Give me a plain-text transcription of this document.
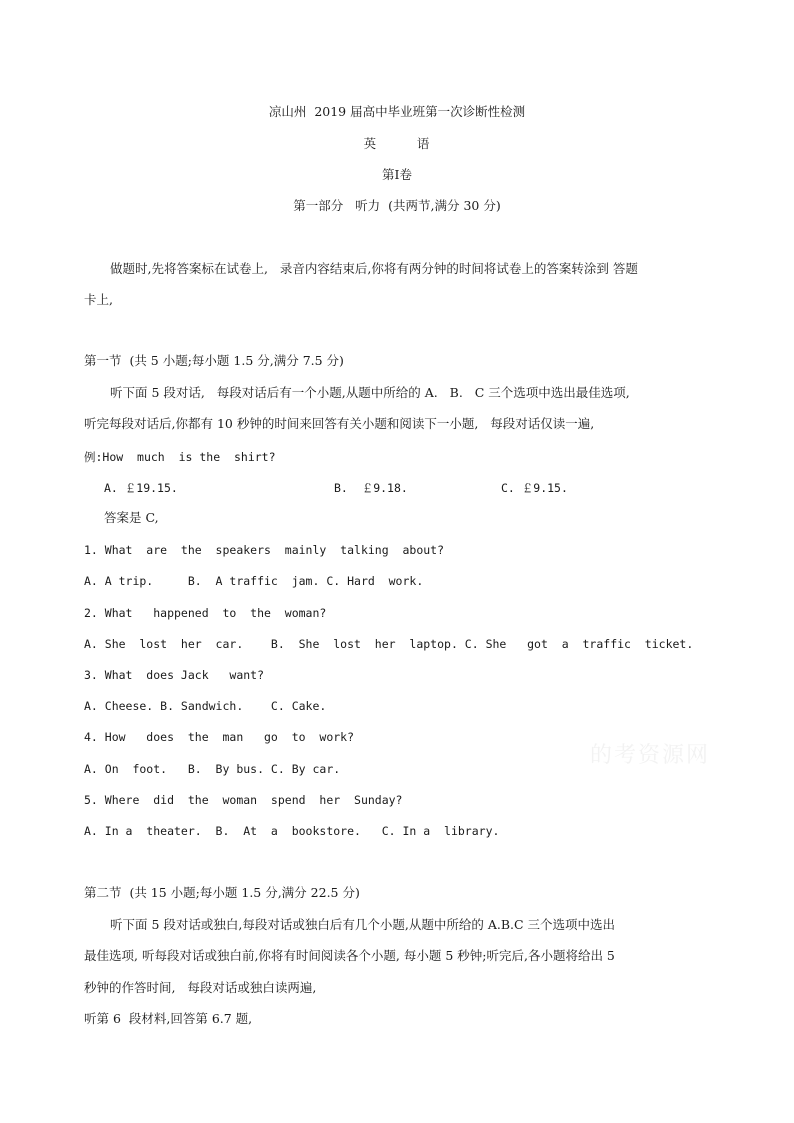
凉山州  2019 届高中毕业班第一次诊断性检测
英        语
第Ⅰ卷
第一部分   听力  (共两节,满分 30 分)
做题时,先将答案标在试卷上,   录音内容结束后,你将有两分钟的时间将试卷上的答案转涂到 答题
卡上,
第一节  (共 5 小题;每小题 1.5 分,满分 7.5 分)
听下面 5 段对话,   每段对话后有一个小题,从题中所给的 A.   B.   C 三个选项中选出最佳选项,
听完每段对话后,你都有 10 秒钟的时间来回答有关小题和阅读下一小题,   每段对话仅读一遍,
例:How  much  is the  shirt?
A. ￡19.15.	B.  ￡9.18.	C. ￡9.15.
答案是 C,
1. What  are  the  speakers  mainly  talking  about?
A. A trip.     B.  A traffic  jam. C. Hard  work.
2. What   happened  to  the  woman?
A. She  lost  her  car.    B.  She  lost  her  laptop. C. She   got  a  traffic  ticket.
3. What  does Jack   want?
A. Cheese. B. Sandwich.    C. Cake.
4. How   does  the  man   go  to  work?
A. On  foot.   B.  By bus. C. By car.
5. Where  did  the  woman  spend  her  Sunday?
A. In a  theater.  B.  At  a  bookstore.   C. In a  library.
第二节  (共 15 小题;每小题 1.5 分,满分 22.5 分)
听下面 5 段对话或独白,每段对话或独白后有几个小题,从题中所给的 A.B.C 三个选项中选出
最佳选项, 听每段对话或独白前,你将有时间阅读各个小题, 每小题 5 秒钟;听完后,各小题将给出 5
秒钟的作答时间,   每段对话或独白读两遍,
听第 6  段材料,回答第 6.7 题,
的考资源网
